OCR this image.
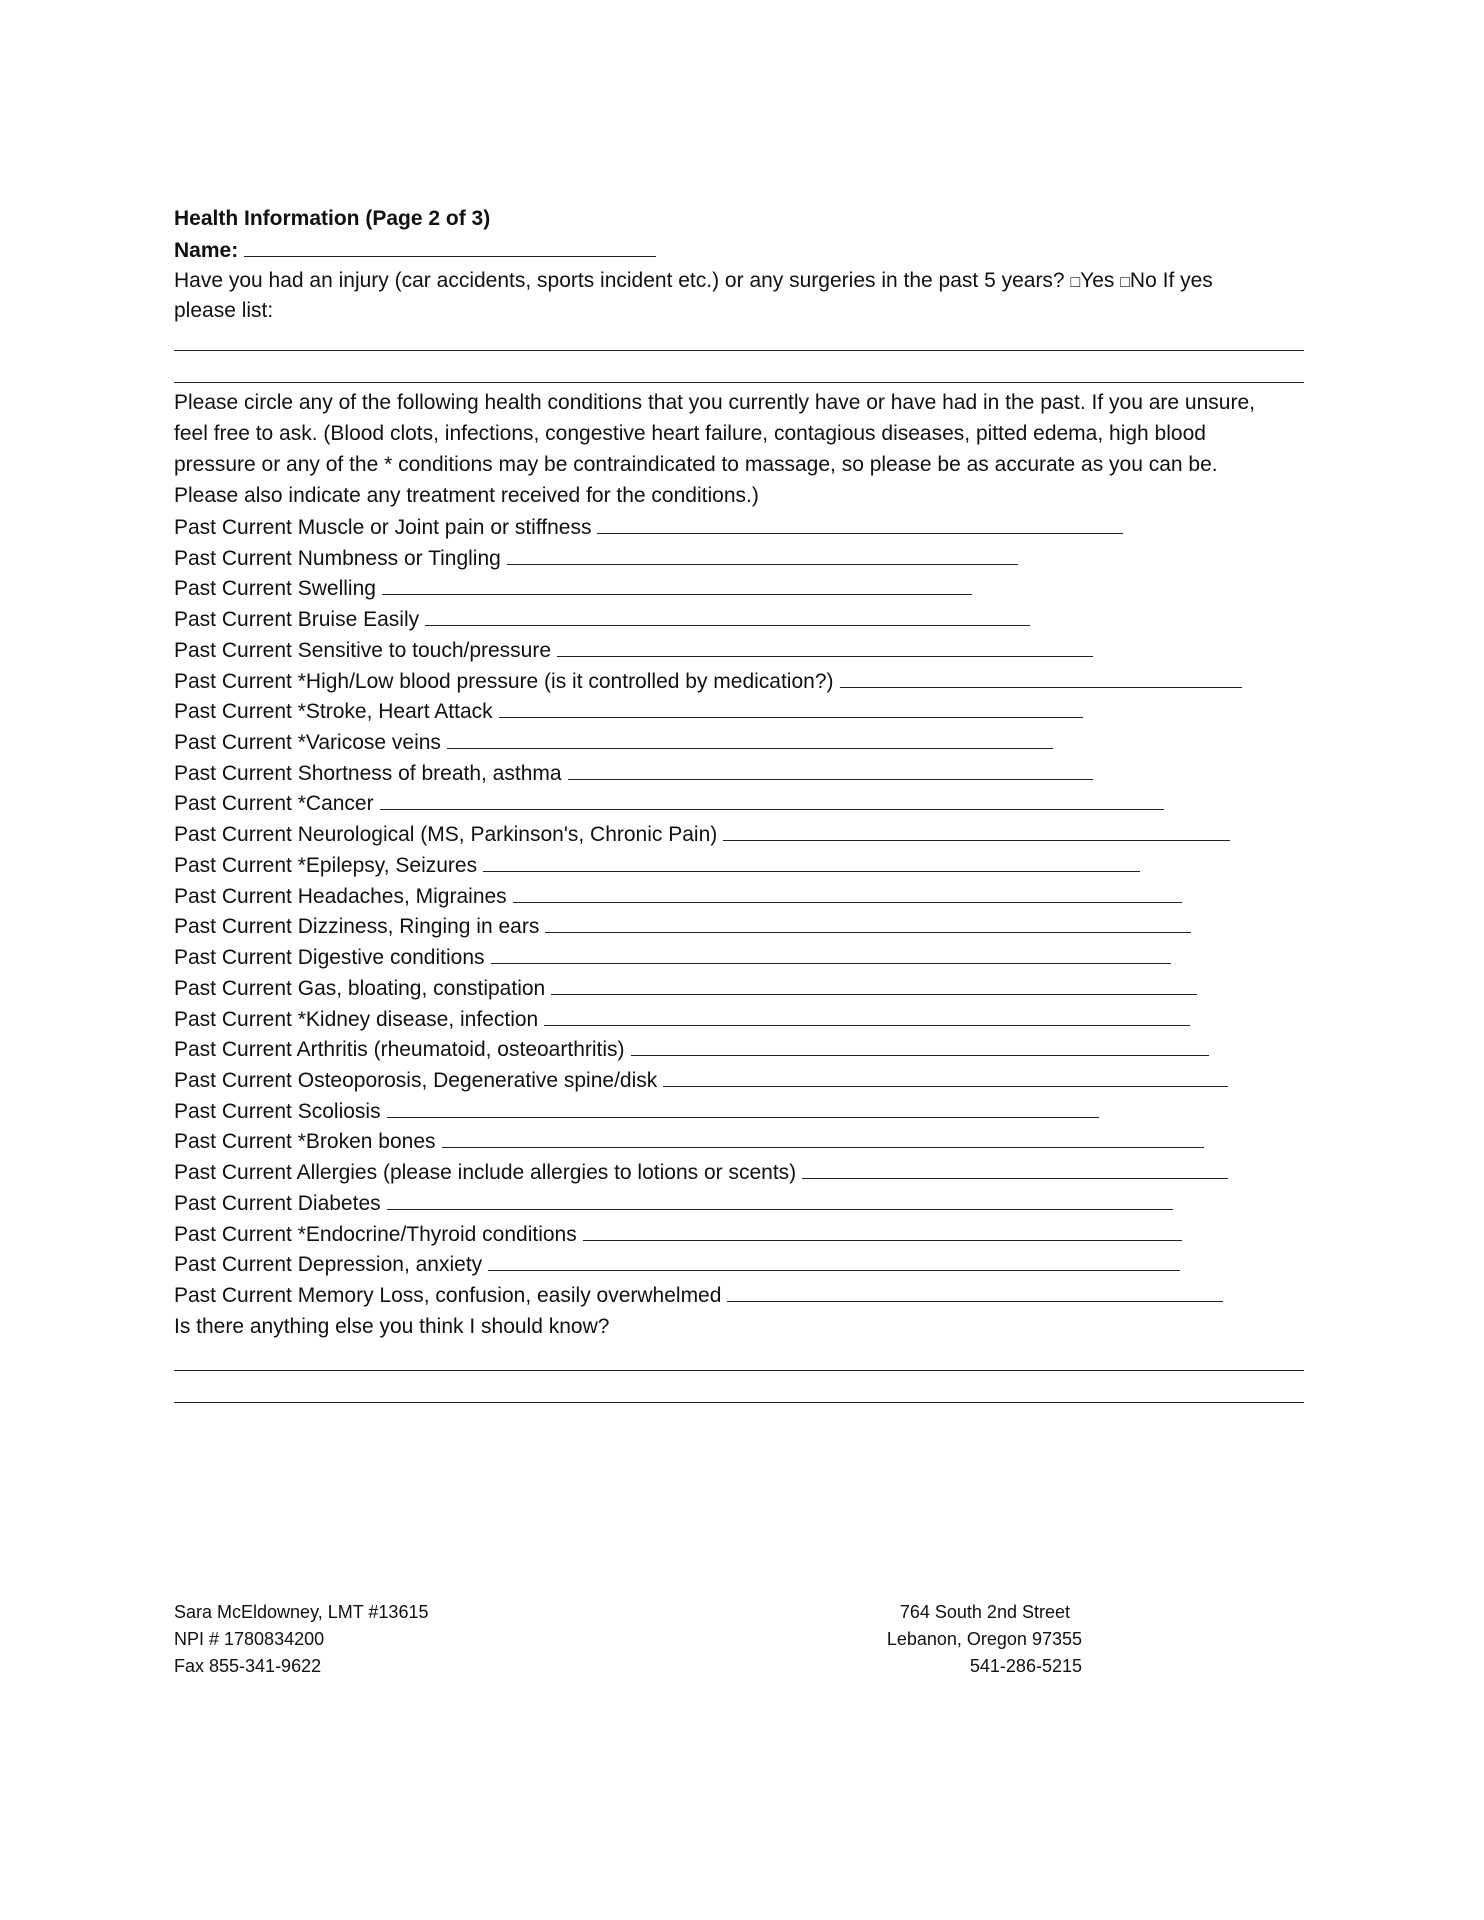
Health Information (Page 2 of 3)
Name:
Have you had an injury (car accidents, sports incident etc.) or any surgeries in the past 5 years? □Yes □No If yes
please list:
Please circle any of the following health conditions that you currently have or have had in the past. If you are unsure,
feel free to ask. (Blood clots, infections, congestive heart failure, contagious diseases, pitted edema, high blood
pressure or any of the * conditions may be contraindicated to massage, so please be as accurate as you can be.
Please also indicate any treatment received for the conditions.)
Past Current Muscle or Joint pain or stiffness
Past Current Numbness or Tingling
Past Current Swelling
Past Current Bruise Easily
Past Current Sensitive to touch/pressure
Past Current *High/Low blood pressure (is it controlled by medication?)
Past Current *Stroke, Heart Attack
Past Current *Varicose veins
Past Current Shortness of breath, asthma
Past Current *Cancer
Past Current Neurological (MS, Parkinson's, Chronic Pain)
Past Current *Epilepsy, Seizures
Past Current Headaches, Migraines
Past Current Dizziness, Ringing in ears
Past Current Digestive conditions
Past Current Gas, bloating, constipation
Past Current *Kidney disease, infection
Past Current Arthritis (rheumatoid, osteoarthritis)
Past Current Osteoporosis, Degenerative spine/disk
Past Current Scoliosis
Past Current *Broken bones
Past Current Allergies (please include allergies to lotions or scents)
Past Current Diabetes
Past Current *Endocrine/Thyroid conditions
Past Current Depression, anxiety
Past Current Memory Loss, confusion, easily overwhelmed
Is there anything else you think I should know?
Sara McEldowney, LMT #13615
NPI # 1780834200
Fax 855-341-9622
764 South 2nd Street
Lebanon, Oregon 97355
541-286-5215
